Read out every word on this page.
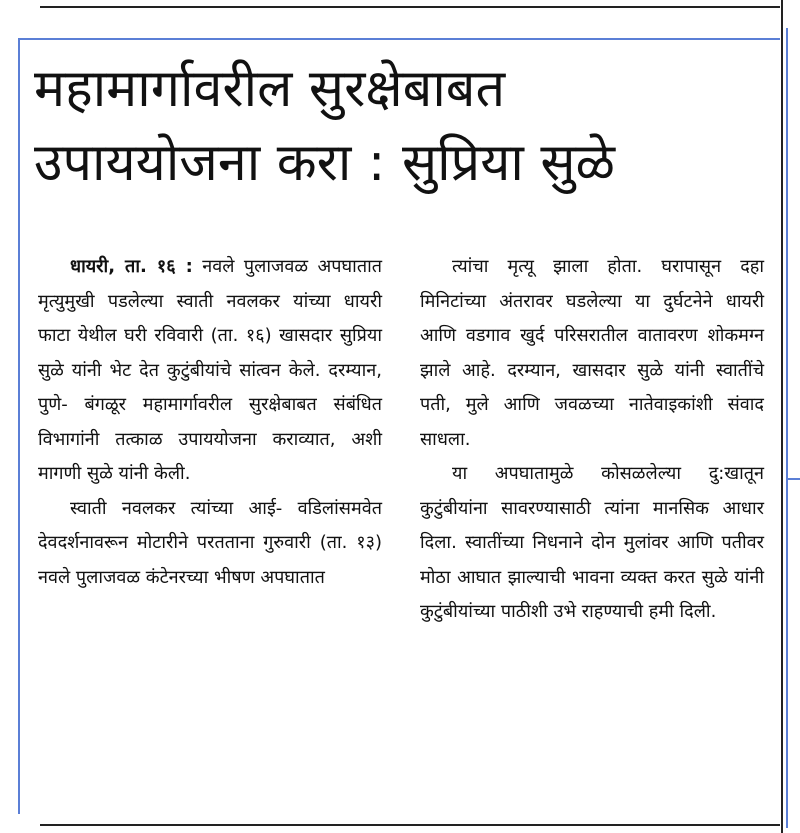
महामार्गावरील सुरक्षेबाबत
उपाययोजना करा : सुप्रिया सुळे

धायरी, ता. १६ : नवले पुलाजवळ अपघातात मृत्युमुखी पडलेल्या स्वाती नवलकर यांच्या धायरी फाटा येथील घरी रविवारी (ता. १६) खासदार सुप्रिया सुळे यांनी भेट देत कुटुंबीयांचे सांत्वन केले. दरम्यान, पुणे- बंगळूर महामार्गावरील सुरक्षेबाबत संबंधित विभागांनी तत्काळ उपाययोजना कराव्यात, अशी मागणी सुळे यांनी केली.

स्वाती नवलकर त्यांच्या आई- वडिलांसमवेत देवदर्शनावरून मोटारीने परतताना गुरुवारी (ता. १३) नवले पुलाजवळ कंटेनरच्या भीषण अपघातात

त्यांचा मृत्यू झाला होता. घरापासून दहा मिनिटांच्या अंतरावर घडलेल्या या दुर्घटनेने धायरी आणि वडगाव खुर्द परिसरातील वातावरण शोकमग्न झाले आहे. दरम्यान, खासदार सुळे यांनी स्वातींचे पती, मुले आणि जवळच्या नातेवाइकांशी संवाद साधला.

या अपघातामुळे कोसळलेल्या दु:खातून कुटुंबीयांना सावरण्यासाठी त्यांना मानसिक आधार दिला. स्वातींच्या निधनाने दोन मुलांवर आणि पतीवर मोठा आघात झाल्याची भावना व्यक्त करत सुळे यांनी कुटुंबीयांच्या पाठीशी उभे राहण्याची हमी दिली.
